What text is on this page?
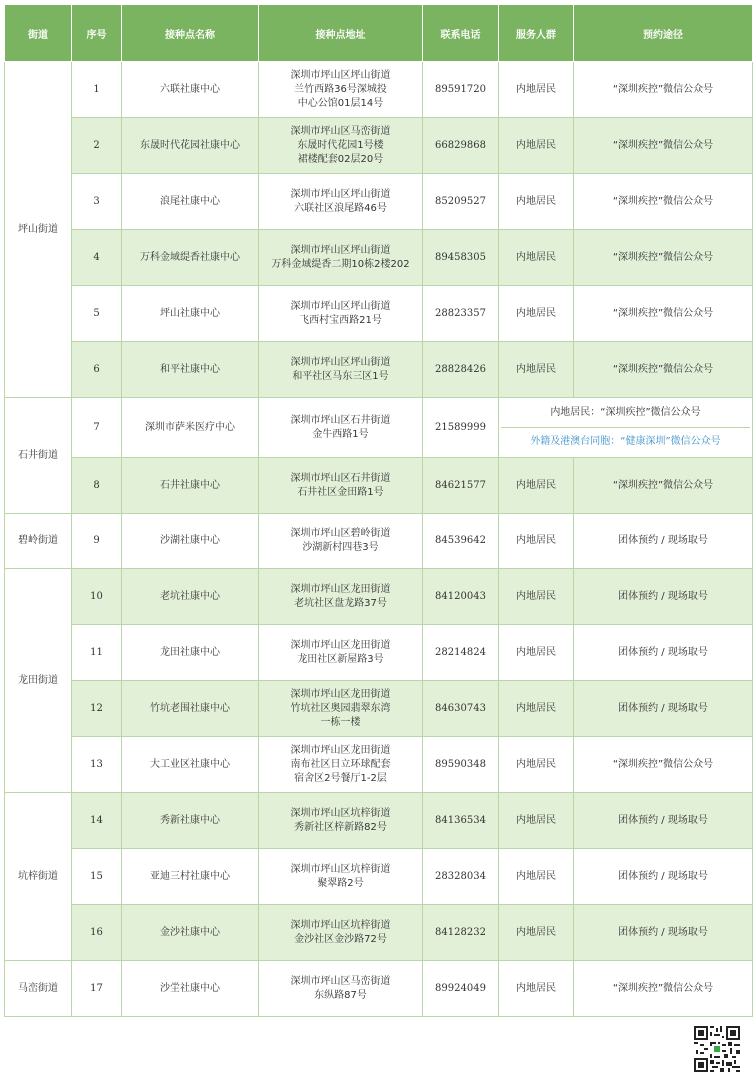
街道	序号	接种点名称	接种点地址	联系电话	服务人群	预约途径
坪山街道	1	六联社康中心	深圳市坪山区坪山街道
兰竹西路36号深城投
中心公馆01层14号	89591720	内地居民	“深圳疾控”微信公众号
	2	东晟时代花园社康中心	深圳市坪山区马峦街道
东晟时代花园1号楼
裙楼配套02层20号	66829868	内地居民	“深圳疾控”微信公众号
	3	浪尾社康中心	深圳市坪山区坪山街道
六联社区浪尾路46号	85209527	内地居民	“深圳疾控”微信公众号
	4	万科金域缇香社康中心	深圳市坪山区坪山街道
万科金域缇香二期10栋2楼202	89458305	内地居民	“深圳疾控”微信公众号
	5	坪山社康中心	深圳市坪山区坪山街道
飞西村宝西路21号	28823357	内地居民	“深圳疾控”微信公众号
	6	和平社康中心	深圳市坪山区坪山街道
和平社区马东三区1号	28828426	内地居民	“深圳疾控”微信公众号
石井街道	7	深圳市萨米医疗中心	深圳市坪山区石井街道
金牛西路1号	21589999	内地居民：“深圳疾控”微信公众号
外籍及港澳台同胞：“健康深圳”微信公众号	

	8	石井社康中心	深圳市坪山区石井街道
石井社区金田路1号	84621577	内地居民	“深圳疾控”微信公众号
碧岭街道	9	沙湖社康中心	深圳市坪山区碧岭街道
沙湖新村四巷3号	84539642	内地居民	团体预约 / 现场取号
龙田街道	10	老坑社康中心	深圳市坪山区龙田街道
老坑社区盘龙路37号	84120043	内地居民	团体预约 / 现场取号
	11	龙田社康中心	深圳市坪山区龙田街道
龙田社区新屋路3号	28214824	内地居民	团体预约 / 现场取号
	12	竹坑老围社康中心	深圳市坪山区龙田街道
竹坑社区奥园翡翠东湾
一栋一楼	84630743	内地居民	团体预约 / 现场取号
	13	大工业区社康中心	深圳市坪山区龙田街道
南布社区日立环球配套
宿舍区2号餐厅1-2层	89590348	内地居民	“深圳疾控”微信公众号
坑梓街道	14	秀新社康中心	深圳市坪山区坑梓街道
秀新社区梓新路82号	84136534	内地居民	团体预约 / 现场取号
	15	亚迪三村社康中心	深圳市坪山区坑梓街道
聚翠路2号	28328034	内地居民	团体预约 / 现场取号
	16	金沙社康中心	深圳市坪山区坑梓街道
金沙社区金沙路72号	84128232	内地居民	团体预约 / 现场取号
马峦街道	17	沙坣社康中心	深圳市坪山区马峦街道
东纵路87号	89924049	内地居民	“深圳疾控”微信公众号
